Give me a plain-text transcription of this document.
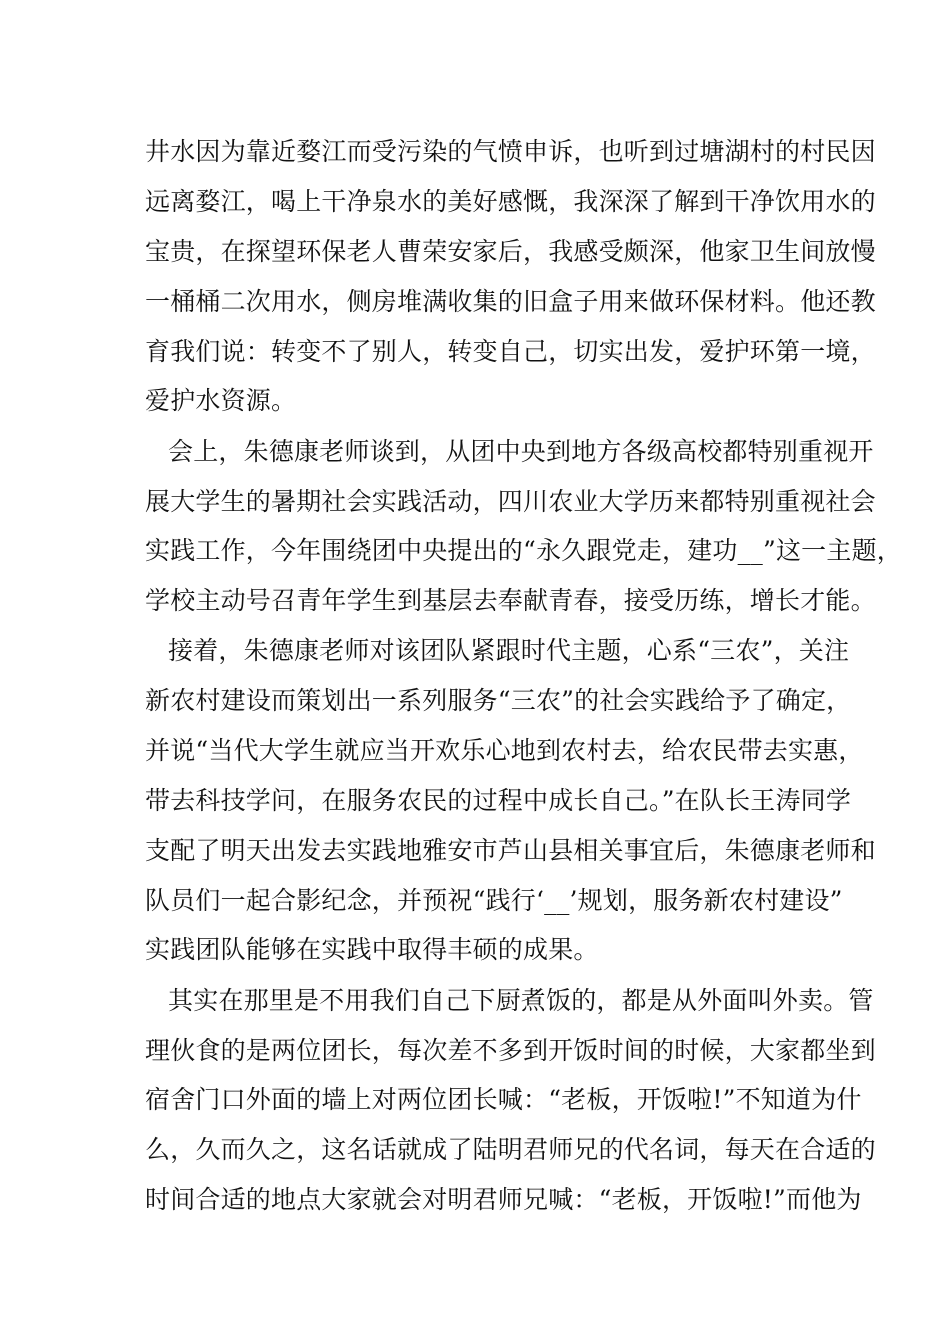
井水因为靠近婺江而受污染的气愤申诉，也听到过塘湖村的村民因
远离婺江，喝上干净泉水的美好感慨，我深深了解到干净饮用水的
宝贵，在探望环保老人曹荣安家后，我感受颇深，他家卫生间放慢
一桶桶二次用水，侧房堆满收集的旧盒子用来做环保材料。他还教
育我们说：转变不了别人，转变自己，切实出发，爱护环第一境，
爱护水资源。
会上，朱德康老师谈到，从团中央到地方各级高校都特别重视开
展大学生的暑期社会实践活动，四川农业大学历来都特别重视社会
实践工作，今年围绕团中央提出的“永久跟党走，建功__”这一主题，
学校主动号召青年学生到基层去奉献青春，接受历练，增长才能。
接着，朱德康老师对该团队紧跟时代主题，心系“三农”，关注
新农村建设而策划出一系列服务“三农”的社会实践给予了确定，
并说“当代大学生就应当开欢乐心地到农村去，给农民带去实惠，
带去科技学问，在服务农民的过程中成长自己。”在队长王涛同学
支配了明天出发去实践地雅安市芦山县相关事宜后，朱德康老师和
队员们一起合影纪念，并预祝“践行‘__’规划，服务新农村建设”
实践团队能够在实践中取得丰硕的成果。
其实在那里是不用我们自己下厨煮饭的，都是从外面叫外卖。管
理伙食的是两位团长，每次差不多到开饭时间的时候，大家都坐到
宿舍门口外面的墙上对两位团长喊：“老板，开饭啦!”不知道为什
么，久而久之，这名话就成了陆明君师兄的代名词，每天在合适的
时间合适的地点大家就会对明君师兄喊：“老板，开饭啦!”而他为
